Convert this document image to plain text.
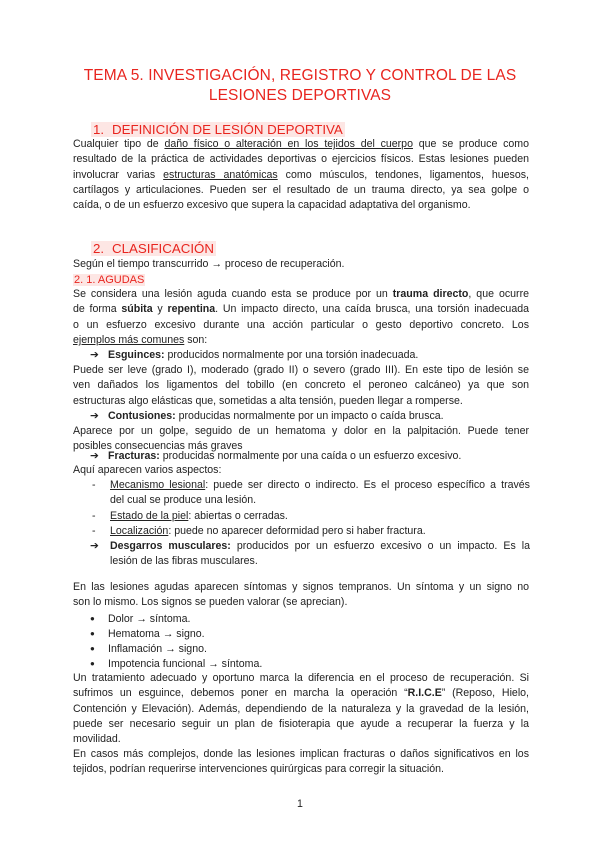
TEMA 5. INVESTIGACIÓN, REGISTRO Y CONTROL DE LAS
LESIONES DEPORTIVAS
1. DEFINICIÓN DE LESIÓN DEPORTIVA
Cualquier tipo de daño físico o alteración en los tejidos del cuerpo que se produce como
resultado de la práctica de actividades deportivas o ejercicios físicos. Estas lesiones pueden
involucrar varias estructuras anatómicas como músculos, tendones, ligamentos, huesos,
cartílagos y articulaciones. Pueden ser el resultado de un trauma directo, ya sea golpe o
caída, o de un esfuerzo excesivo que supera la capacidad adaptativa del organismo.
2. CLASIFICACIÓN
Según el tiempo transcurrido → proceso de recuperación.
2. 1. AGUDAS
Se considera una lesión aguda cuando esta se produce por un trauma directo, que ocurre
de forma súbita y repentina. Un impacto directo, una caída brusca, una torsión inadecuada
o un esfuerzo excesivo durante una acción particular o gesto deportivo concreto. Los
ejemplos más comunes son:
➔ Esguinces: producidos normalmente por una torsión inadecuada.
Puede ser leve (grado I), moderado (grado II) o severo (grado III). En este tipo de lesión se
ven dañados los ligamentos del tobillo (en concreto el peroneo calcáneo) ya que son
estructuras algo elásticas que, sometidas a alta tensión, pueden llegar a romperse.
➔ Contusiones: producidas normalmente por un impacto o caída brusca.
Aparece por un golpe, seguido de un hematoma y dolor en la palpitación. Puede tener
posibles consecuencias más graves
➔ Fracturas: producidas normalmente por una caída o un esfuerzo excesivo.
Aquí aparecen varios aspectos:
- Mecanismo lesional: puede ser directo o indirecto. Es el proceso específico a través
del cual se produce una lesión.
- Estado de la piel: abiertas o cerradas.
- Localización: puede no aparecer deformidad pero si haber fractura.
➔ Desgarros musculares: producidos por un esfuerzo excesivo o un impacto. Es la
lesión de las fibras musculares.
En las lesiones agudas aparecen síntomas y signos tempranos. Un síntoma y un signo no
son lo mismo. Los signos se pueden valorar (se aprecian).
● Dolor → síntoma.
● Hematoma → signo.
● Inflamación → signo.
● Impotencia funcional → síntoma.
Un tratamiento adecuado y oportuno marca la diferencia en el proceso de recuperación. Si
sufrimos un esguince, debemos poner en marcha la operación “R.I.C.E” (Reposo, Hielo,
Contención y Elevación). Además, dependiendo de la naturaleza y la gravedad de la lesión,
puede ser necesario seguir un plan de fisioterapia que ayude a recuperar la fuerza y la
movilidad.
En casos más complejos, donde las lesiones implican fracturas o daños significativos en los
tejidos, podrían requerirse intervenciones quirúrgicas para corregir la situación.
1
